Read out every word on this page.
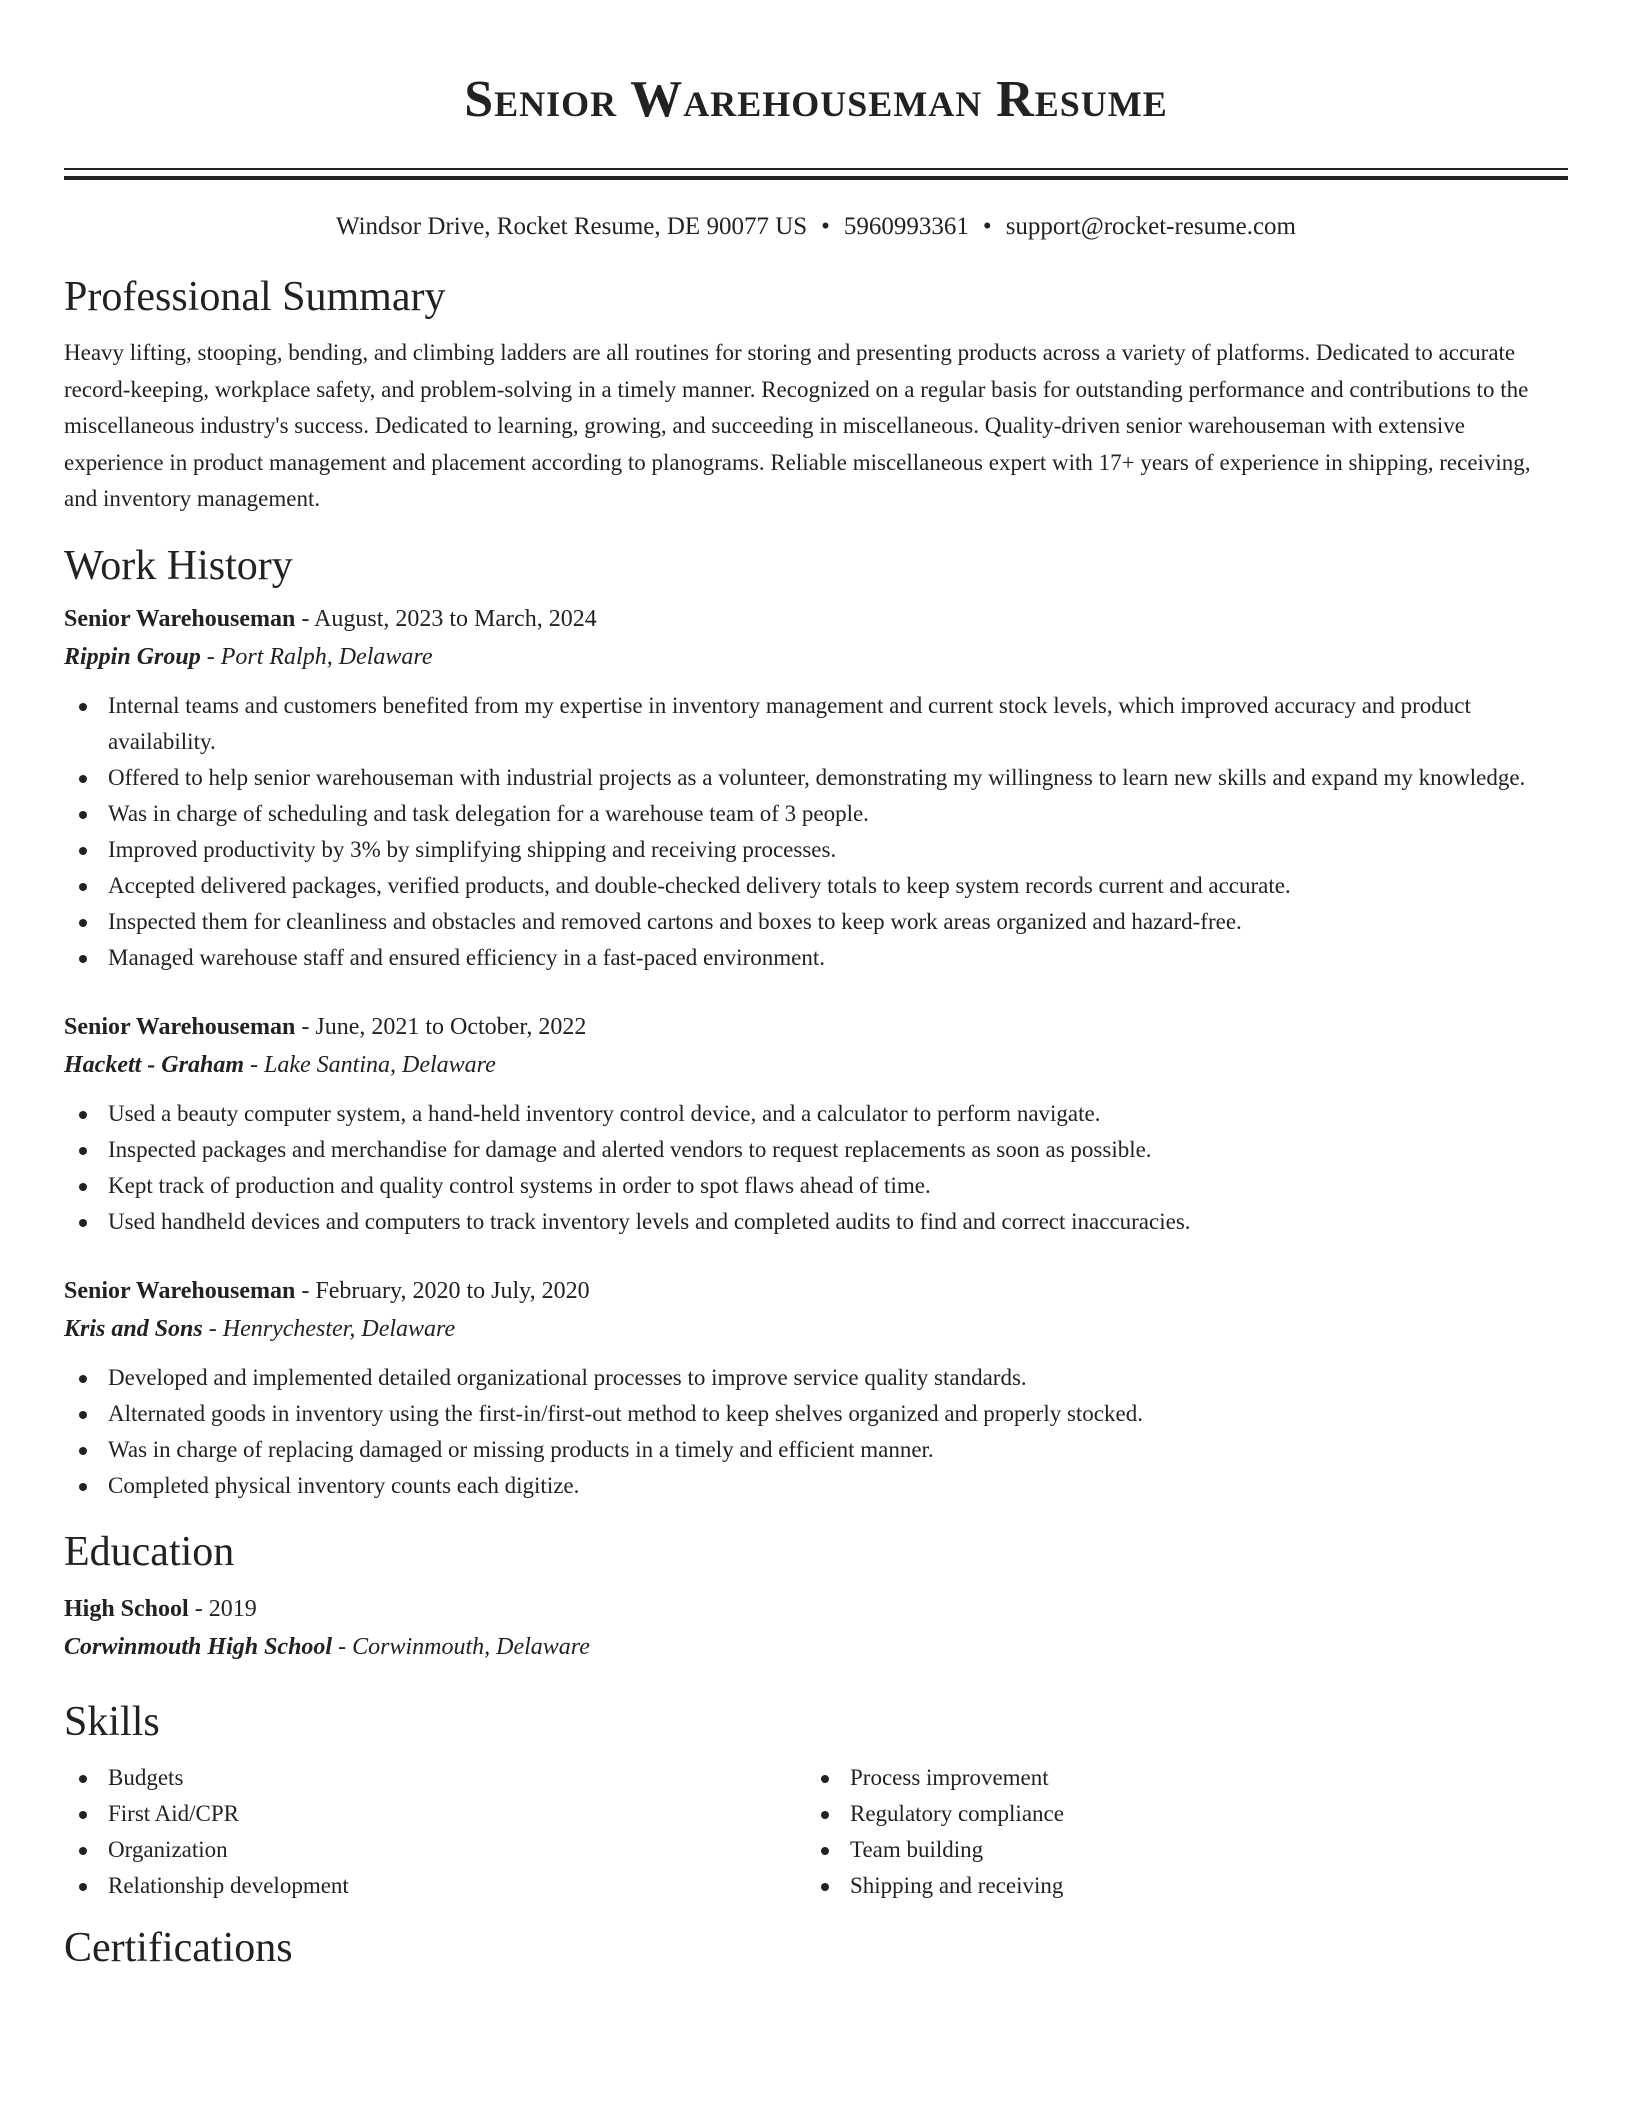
Senior Warehouseman Resume
Windsor Drive, Rocket Resume, DE 90077 US • 5960993361 • support@rocket-resume.com
Professional Summary

Heavy lifting, stooping, bending, and climbing ladders are all routines for storing and presenting products across a variety of platforms. Dedicated to accurate record-keeping, workplace safety, and problem-solving in a timely manner. Recognized on a regular basis for outstanding performance and contributions to the miscellaneous industry's success. Dedicated to learning, growing, and succeeding in miscellaneous. Quality-driven senior warehouseman with extensive experience in product management and placement according to planograms. Reliable miscellaneous expert with 17+ years of experience in shipping, receiving, and inventory management.

Work History
Senior Warehouseman - August, 2023 to March, 2024
Rippin Group - Port Ralph, Delaware
Internal teams and customers benefited from my expertise in inventory management and current stock levels, which improved accuracy and product availability.
Offered to help senior warehouseman with industrial projects as a volunteer, demonstrating my willingness to learn new skills and expand my knowledge.
Was in charge of scheduling and task delegation for a warehouse team of 3 people.
Improved productivity by 3% by simplifying shipping and receiving processes.
Accepted delivered packages, verified products, and double-checked delivery totals to keep system records current and accurate.
Inspected them for cleanliness and obstacles and removed cartons and boxes to keep work areas organized and hazard-free.
Managed warehouse staff and ensured efficiency in a fast-paced environment.
Senior Warehouseman - June, 2021 to October, 2022
Hackett - Graham - Lake Santina, Delaware
Used a beauty computer system, a hand-held inventory control device, and a calculator to perform navigate.
Inspected packages and merchandise for damage and alerted vendors to request replacements as soon as possible.
Kept track of production and quality control systems in order to spot flaws ahead of time.
Used handheld devices and computers to track inventory levels and completed audits to find and correct inaccuracies.
Senior Warehouseman - February, 2020 to July, 2020
Kris and Sons - Henrychester, Delaware
Developed and implemented detailed organizational processes to improve service quality standards.
Alternated goods in inventory using the first-in/first-out method to keep shelves organized and properly stocked.
Was in charge of replacing damaged or missing products in a timely and efficient manner.
Completed physical inventory counts each digitize.
Education
High School - 2019
Corwinmouth High School - Corwinmouth, Delaware
Skills
Budgets
First Aid/CPR
Organization
Relationship development
Process improvement
Regulatory compliance
Team building
Shipping and receiving
Certifications
